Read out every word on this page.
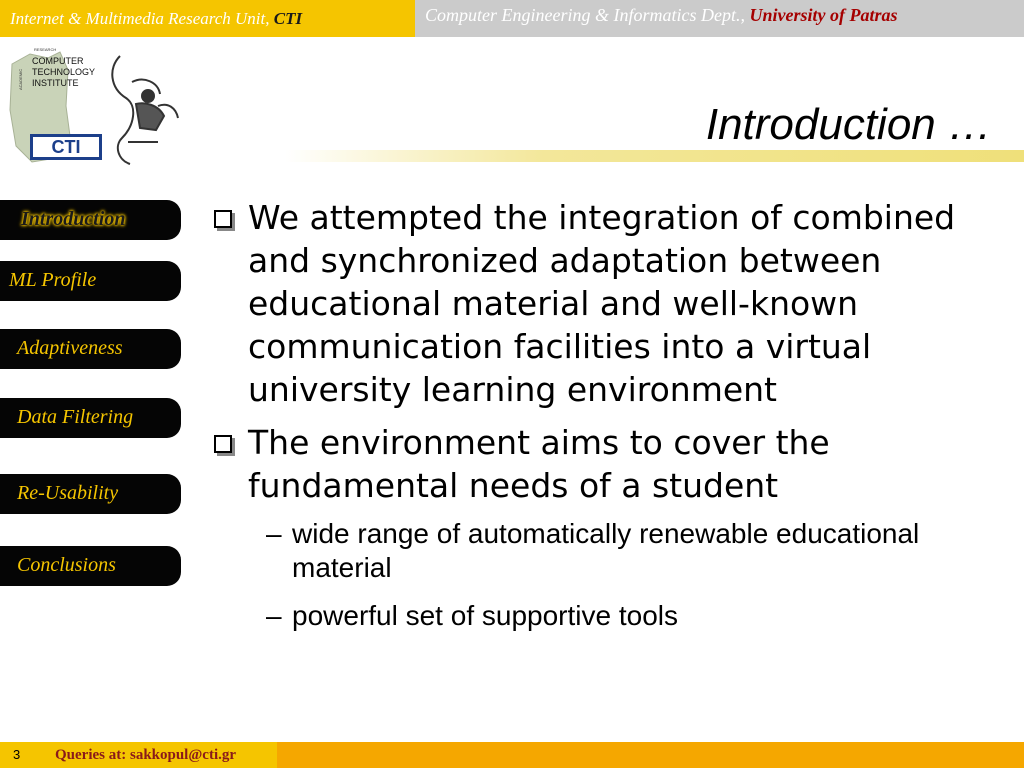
Internet & Multimedia Research Unit, CTI	Computer Engineering & Informatics Dept., University of Patras
RESEARCH
ACADEMIC
COMPUTER
TECHNOLOGY
INSTITUTE
CTI	Introduction …
Introduction
ML Profile
Adaptiveness
Data Filtering
Re-Usability
Conclusions
We attempted the integration of combined and synchronized adaptation between educational material and well-known communication facilities into a virtual university learning environment
The environment aims to cover the fundamental needs of a student
– wide range of automatically renewable educational material
– powerful set of supportive tools
3 Queries at: sakkopul@cti.gr
